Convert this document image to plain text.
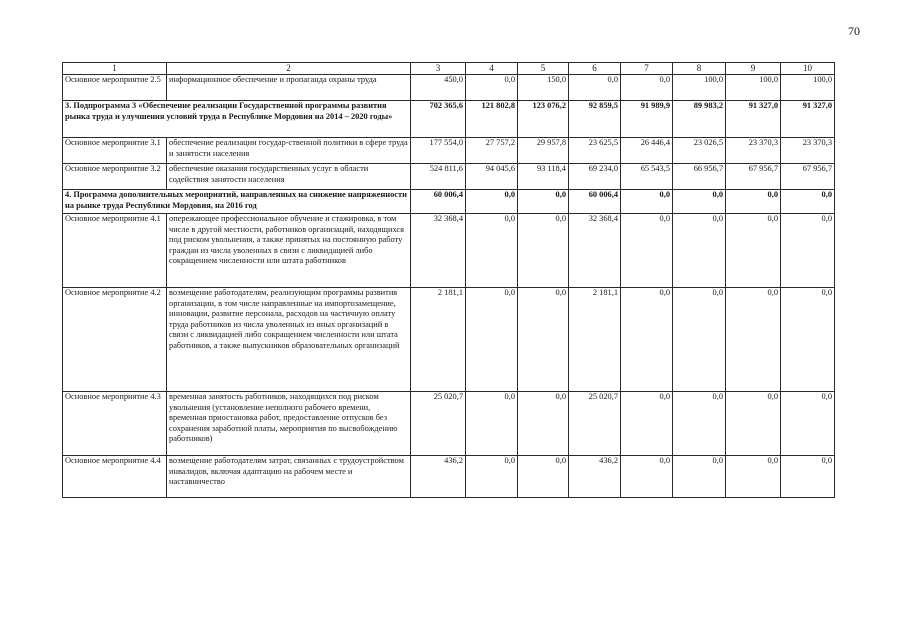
70
1	2	3	4	5	6	7	8	9	10
Основное мероприятие 2.5	информационное обеспечение и пропаганда охраны труда	450,0	0,0	150,0	0,0	0,0	100,0	100,0	100,0
3. Подпрограмма 3 «Обеспечение реализации Государственной программы развития рынка труда и улучшения условий труда в Республике Мордовия на 2014 – 2020 годы»		702 365,6	121 802,8	123 076,2	92 859,5	91 989,9	89 983,2	91 327,0	91 327,0
Основное мероприятие 3.1	обеспечение реализации государ-ственной политики в сфере труда и занятости населения	177 554,0	27 757,2	29 957,8	23 625,5	26 446,4	23 026,5	23 370,3	23 370,3
Основное мероприятие 3.2	обеспечение оказания государственных услуг в области содействия занятости населения	524 811,6	94 045,6	93 118,4	69 234,0	65 543,5	66 956,7	67 956,7	67 956,7
4. Программа дополнительных мероприятий, направленных на снижение напряженности на рынке труда Республики Мордовия, на 2016 год		60 006,4	0,0	0,0	60 006,4	0,0	0,0	0,0	0,0
Основное мероприятие 4.1	опережающее профессиональное обучение и стажировка, в том числе в другой местности, работников организаций, находящихся под риском увольнения, а также принятых на постоянную работу граждан из числа уволенных в связи с ликвидацией либо сокращением численности или штата работников	32 368,4	0,0	0,0	32 368,4	0,0	0,0	0,0	0,0
Основное мероприятие 4.2	возмещение работодателям, реализующим программы развития организации, в том числе направленные на импортозамещение, инновации, развитие персонала, расходов на частичную оплату труда работников из числа уволенных из иных организаций в связи с ликвидацией либо сокращением численности или штата работников, а также выпускников образовательных организаций	2 181,1	0,0	0,0	2 181,1	0,0	0,0	0,0	0,0
Основное мероприятие 4.3	временная занятость работников, находящихся под риском увольнения (установление неполного рабочего времени, временная приостановка работ, предоставление отпусков без сохранения заработной платы, мероприятия по высвобождению работников)	25 020,7	0,0	0,0	25 020,7	0,0	0,0	0,0	0,0
Основное мероприятие 4.4	возмещение работодателям затрат, связанных с трудоустройством инвалидов, включая адаптацию на рабочем месте и наставничество	436,2	0,0	0,0	436,2	0,0	0,0	0,0	0,0
